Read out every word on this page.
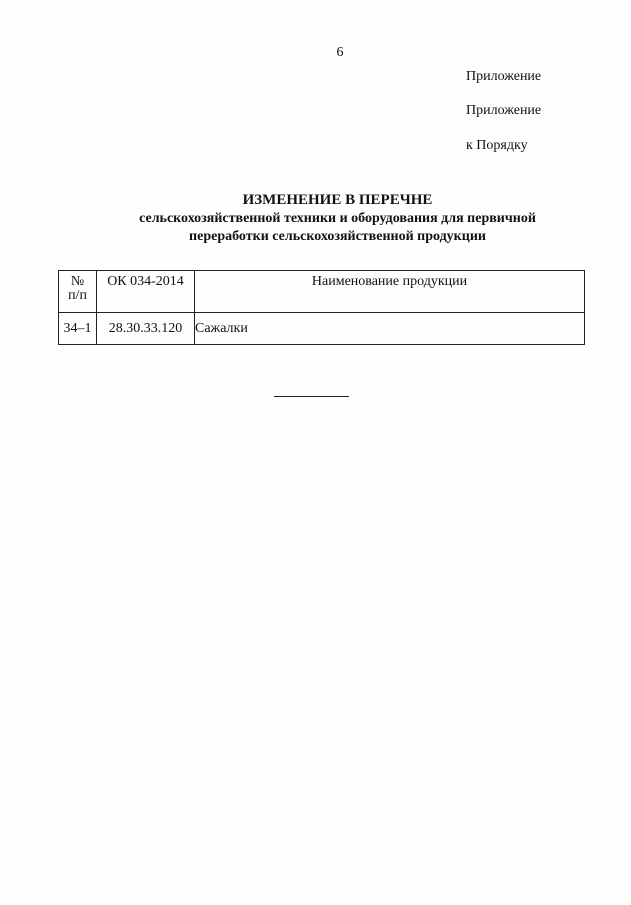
6
Приложение
Приложение
к Порядку
ИЗМЕНЕНИЕ В ПЕРЕЧНЕ
сельскохозяйственной техники и оборудования для первичной
переработки сельскохозяйственной продукции
№
п/п	ОК 034-2014	Наименование продукции
34–1	28.30.33.120	Сажалки
